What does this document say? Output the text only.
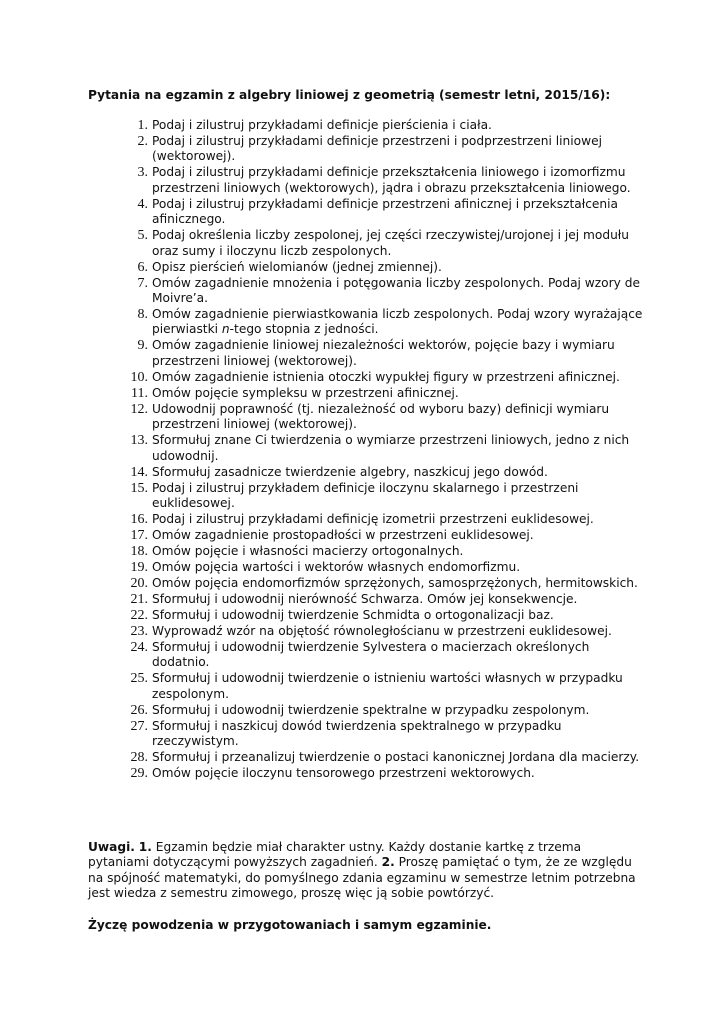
Pytania na egzamin z algebry liniowej z geometrią (semestr letni, 2015/16):
1. Podaj i zilustruj przykładami definicje pierścienia i ciała.
2. Podaj i zilustruj przykładami definicje przestrzeni i podprzestrzeni liniowej (wektorowej).
3. Podaj i zilustruj przykładami definicje przekształcenia liniowego i izomorfizmu przestrzeni liniowych (wektorowych), jądra i obrazu przekształcenia liniowego.
4. Podaj i zilustruj przykładami definicje przestrzeni afinicznej i przekształcenia afinicznego.
5. Podaj określenia liczby zespolonej, jej części rzeczywistej/urojonej i jej modułu oraz sumy i iloczynu liczb zespolonych.
6. Opisz pierścień wielomianów (jednej zmiennej).
7. Omów zagadnienie mnożenia i potęgowania liczby zespolonych. Podaj wzory de Moivre’a.
8. Omów zagadnienie pierwiastkowania liczb zespolonych. Podaj wzory wyrażające pierwiastki n-tego stopnia z jedności.
9. Omów zagadnienie liniowej niezależności wektorów, pojęcie bazy i wymiaru przestrzeni liniowej (wektorowej).
10. Omów zagadnienie istnienia otoczki wypukłej figury w przestrzeni afinicznej.
11. Omów pojęcie sympleksu w przestrzeni afinicznej.
12. Udowodnij poprawność (tj. niezależność od wyboru bazy) definicji wymiaru przestrzeni liniowej (wektorowej).
13. Sformułuj znane Ci twierdzenia o wymiarze przestrzeni liniowych, jedno z nich udowodnij.
14. Sformułuj zasadnicze twierdzenie algebry, naszkicuj jego dowód.
15. Podaj i zilustruj przykładem definicje iloczynu skalarnego i przestrzeni euklidesowej.
16. Podaj i zilustruj przykładami definicję izometrii przestrzeni euklidesowej.
17. Omów zagadnienie prostopadłości w przestrzeni euklidesowej.
18. Omów pojęcie i własności macierzy ortogonalnych.
19. Omów pojęcia wartości i wektorów własnych endomorfizmu.
20. Omów pojęcia endomorfizmów sprzężonych, samosprzężonych, hermitowskich.
21. Sformułuj i udowodnij nierówność Schwarza. Omów jej konsekwencje.
22. Sformułuj i udowodnij twierdzenie Schmidta o ortogonalizacji baz.
23. Wyprowadź wzór na objętość równoległościanu w przestrzeni euklidesowej.
24. Sformułuj i udowodnij twierdzenie Sylvestera o macierzach określonych dodatnio.
25. Sformułuj i udowodnij twierdzenie o istnieniu wartości własnych w przypadku zespolonym.
26. Sformułuj i udowodnij twierdzenie spektralne w przypadku zespolonym.
27. Sformułuj i naszkicuj dowód twierdzenia spektralnego w przypadku rzeczywistym.
28. Sformułuj i przeanalizuj twierdzenie o postaci kanonicznej Jordana dla macierzy.
29. Omów pojęcie iloczynu tensorowego przestrzeni wektorowych.
Uwagi. 1. Egzamin będzie miał charakter ustny. Każdy dostanie kartkę z trzema pytaniami dotyczącymi powyższych zagadnień. 2. Proszę pamiętać o tym, że ze względu na spójność matematyki, do pomyślnego zdania egzaminu w semestrze letnim potrzebna jest wiedza z semestru zimowego, proszę więc ją sobie powtórzyć.
Życzę powodzenia w przygotowaniach i samym egzaminie.
